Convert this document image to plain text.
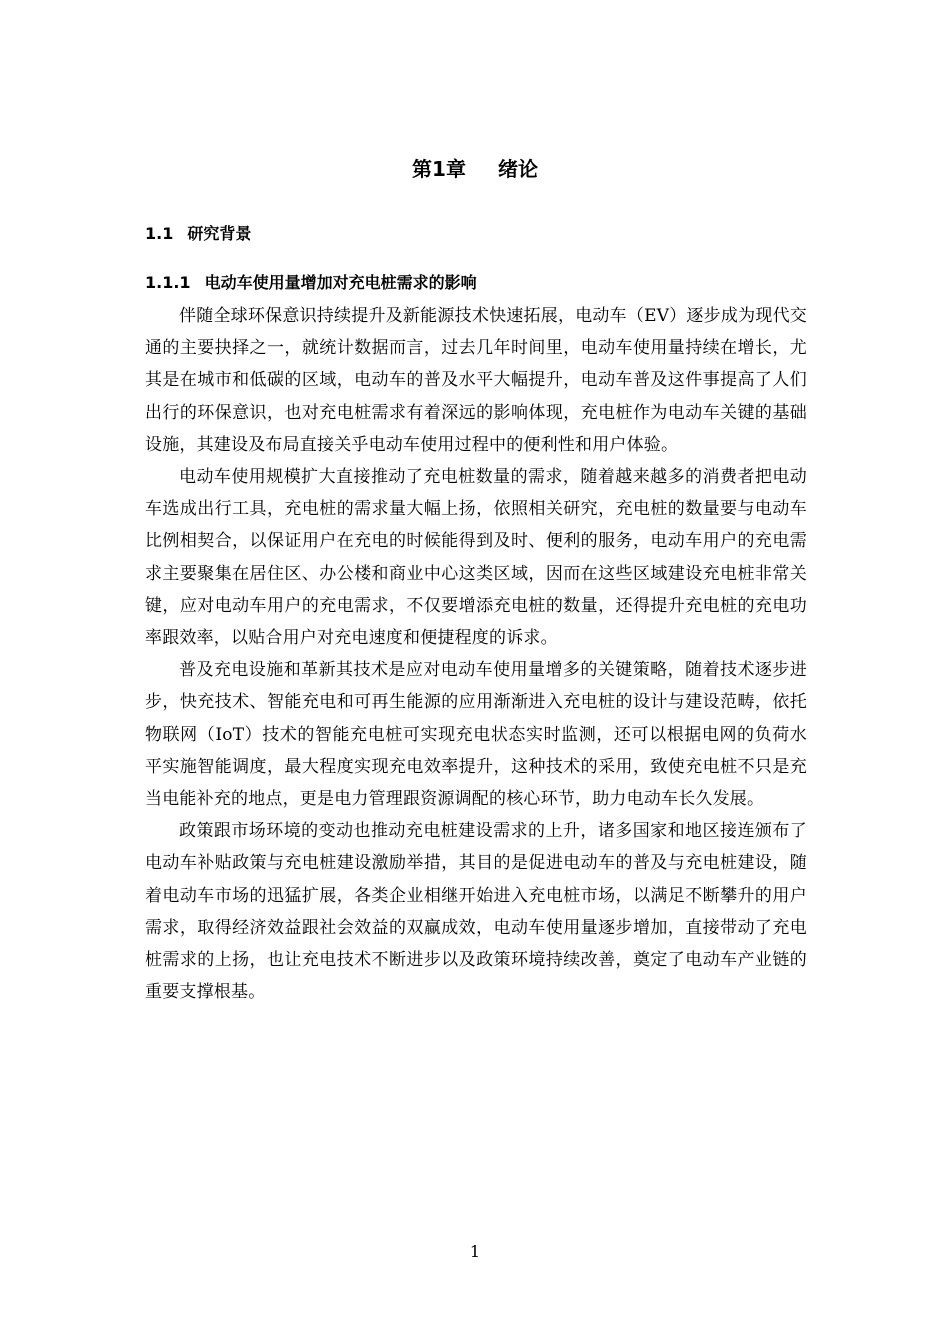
第1章 绪论
1.1 研究背景
1.1.1 电动车使用量增加对充电桩需求的影响

伴随全球环保意识持续提升及新能源技术快速拓展，电动车（EV）逐步成为现代交通的主要抉择之一，就统计数据而言，过去几年时间里，电动车使用量持续在增长，尤其是在城市和低碳的区域，电动车的普及水平大幅提升，电动车普及这件事提高了人们出行的环保意识，也对充电桩需求有着深远的影响体现，充电桩作为电动车关键的基础设施，其建设及布局直接关乎电动车使用过程中的便利性和用户体验。

电动车使用规模扩大直接推动了充电桩数量的需求，随着越来越多的消费者把电动车选成出行工具，充电桩的需求量大幅上扬，依照相关研究，充电桩的数量要与电动车比例相契合，以保证用户在充电的时候能得到及时、便利的服务，电动车用户的充电需求主要聚集在居住区、办公楼和商业中心这类区域，因而在这些区域建设充电桩非常关键，应对电动车用户的充电需求，不仅要增添充电桩的数量，还得提升充电桩的充电功率跟效率，以贴合用户对充电速度和便捷程度的诉求。

普及充电设施和革新其技术是应对电动车使用量增多的关键策略，随着技术逐步进步，快充技术、智能充电和可再生能源的应用渐渐进入充电桩的设计与建设范畴，依托物联网（IoT）技术的智能充电桩可实现充电状态实时监测，还可以根据电网的负荷水平实施智能调度，最大程度实现充电效率提升，这种技术的采用，致使充电桩不只是充当电能补充的地点，更是电力管理跟资源调配的核心环节，助力电动车长久发展。

政策跟市场环境的变动也推动充电桩建设需求的上升，诸多国家和地区接连颁布了电动车补贴政策与充电桩建设激励举措，其目的是促进电动车的普及与充电桩建设，随着电动车市场的迅猛扩展，各类企业相继开始进入充电桩市场，以满足不断攀升的用户需求，取得经济效益跟社会效益的双赢成效，电动车使用量逐步增加，直接带动了充电桩需求的上扬，也让充电技术不断进步以及政策环境持续改善，奠定了电动车产业链的重要支撑根基。

1
